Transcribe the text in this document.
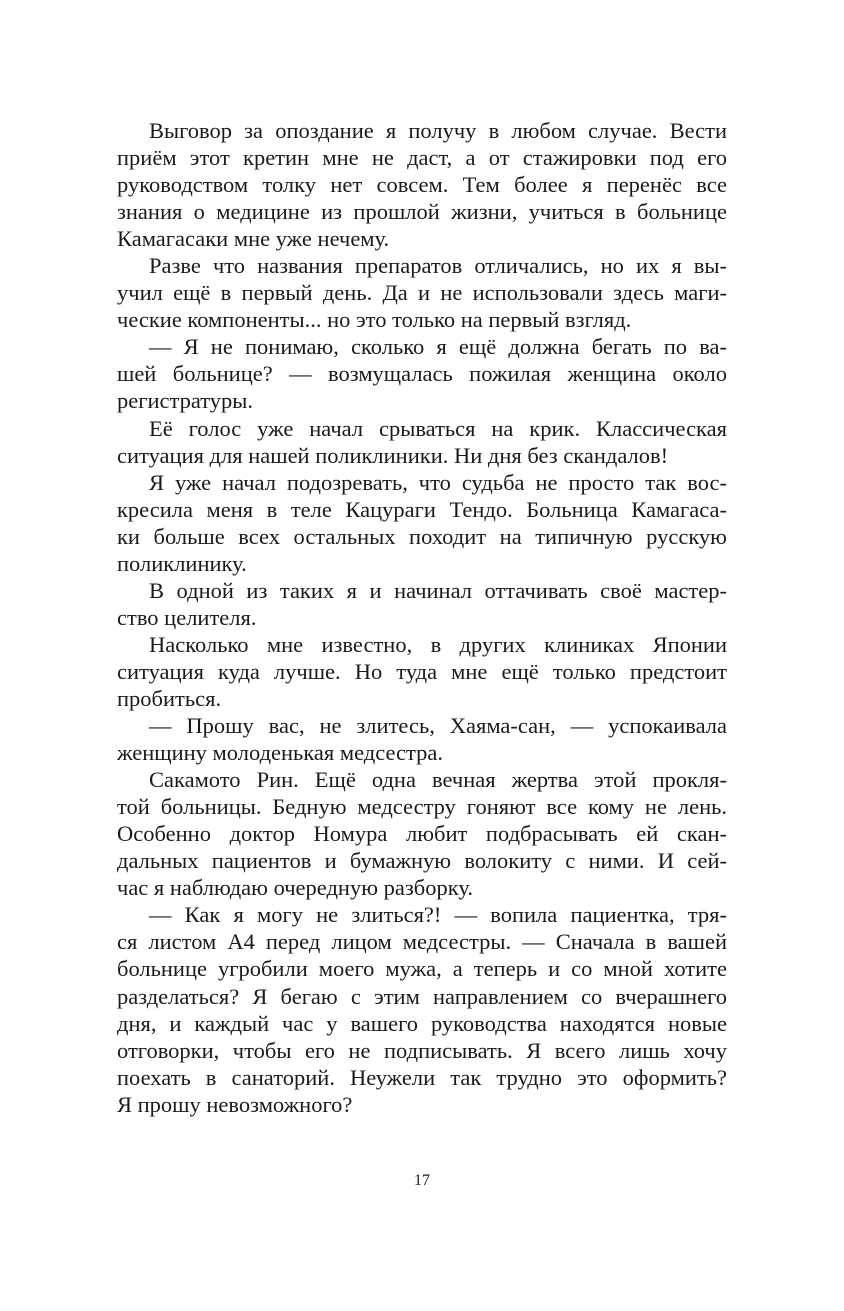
Выговор за опоздание я получу в любом случае. Вести
приём этот кретин мне не даст, а от стажировки под его
руководством толку нет совсем. Тем более я перенёс все
знания о медицине из прошлой жизни, учиться в больнице
Камагасаки мне уже нечему.
Разве что названия препаратов отличались, но их я вы-
учил ещё в первый день. Да и не использовали здесь маги-
ческие компоненты... но это только на первый взгляд.
— Я не понимаю, сколько я ещё должна бегать по ва-
шей больнице? — возмущалась пожилая женщина около
регистратуры.
Её голос уже начал срываться на крик. Классическая
ситуация для нашей поликлиники. Ни дня без скандалов!
Я уже начал подозревать, что судьба не просто так вос-
кресила меня в теле Кацураги Тендо. Больница Камагаса-
ки больше всех остальных походит на типичную русскую
поликлинику.
В одной из таких я и начинал оттачивать своё мастер-
ство целителя.
Насколько мне известно, в других клиниках Японии
ситуация куда лучше. Но туда мне ещё только предстоит
пробиться.
— Прошу вас, не злитесь, Хаяма-сан, — успокаивала
женщину молоденькая медсестра.
Сакамото Рин. Ещё одна вечная жертва этой прокля-
той больницы. Бедную медсестру гоняют все кому не лень.
Особенно доктор Номура любит подбрасывать ей скан-
дальных пациентов и бумажную волокиту с ними. И сей-
час я наблюдаю очередную разборку.
— Как я могу не злиться?! — вопила пациентка, тря-
ся листом А4 перед лицом медсестры. — Сначала в вашей
больнице угробили моего мужа, а теперь и со мной хотите
разделаться? Я бегаю с этим направлением со вчерашнего
дня, и каждый час у вашего руководства находятся новые
отговорки, чтобы его не подписывать. Я всего лишь хочу
поехать в санаторий. Неужели так трудно это оформить?
Я прошу невозможного?
17
